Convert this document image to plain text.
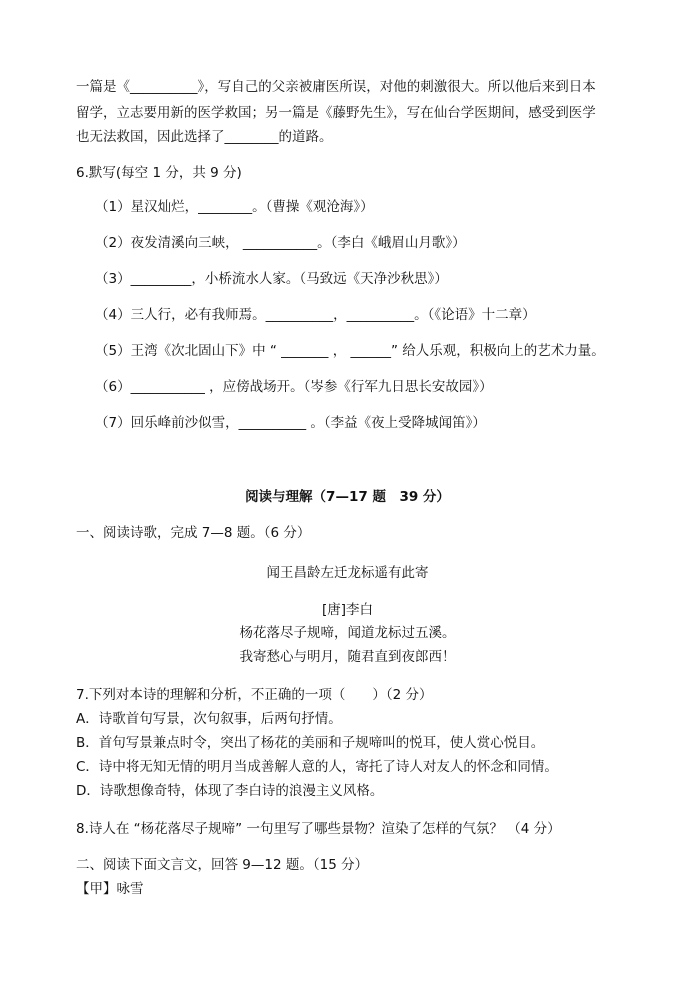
一篇是《__________》，写自己的父亲被庸医所误，对他的刺激很大。所以他后来到日本
留学，立志要用新的医学救国；另一篇是《藤野先生》，写在仙台学医期间，感受到医学
也无法救国，因此选择了________的道路。
6.默写(每空 1 分，共 9 分)
（1）星汉灿烂，________。（曹操《观沧海》）
（2）夜发清溪向三峡， ___________。（李白《峨眉山月歌》）
（3）_________，小桥流水人家。（马致远《天净沙秋思》）
（4）三人行，必有我师焉。__________，__________。（《论语》十二章）
（5）王湾《次北固山下》中 “ _______ ， ______” 给人乐观，积极向上的艺术力量。
（6）___________ ，应傍战场开。（岑参《行军九日思长安故园》）
（7）回乐峰前沙似雪，__________ 。（李益《夜上受降城闻笛》）
阅读与理解（7—17 题　39 分）
一、阅读诗歌，完成 7—8 题。（6 分）
闻王昌龄左迁龙标遥有此寄
[唐]李白
杨花落尽子规啼，闻道龙标过五溪。
我寄愁心与明月，随君直到夜郎西！
7.下列对本诗的理解和分析，不正确的一项（　　）（2 分）
A．诗歌首句写景，次句叙事，后两句抒情。
B．首句写景兼点时令，突出了杨花的美丽和子规啼叫的悦耳，使人赏心悦目。
C．诗中将无知无情的明月当成善解人意的人，寄托了诗人对友人的怀念和同情。
D．诗歌想像奇特，体现了李白诗的浪漫主义风格。
8.诗人在 “杨花落尽子规啼” 一句里写了哪些景物？渲染了怎样的气氛？ （4 分）
二、阅读下面文言文，回答 9—12 题。（15 分）
【甲】咏雪
